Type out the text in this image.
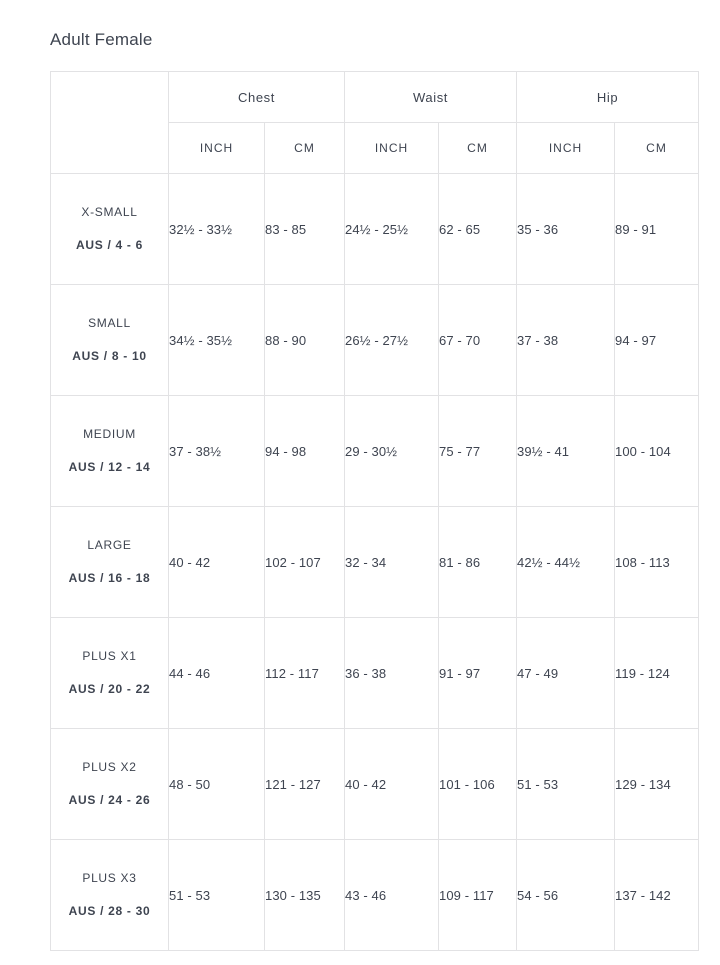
Adult Female
	Chest		Waist		Hip	
	INCH	CM	INCH	CM	INCH	CM
X-SMALL
AUS / 4 - 6	32½ - 33½	83 - 85	24½ - 25½	62 - 65	35 - 36	89 - 91
SMALL
AUS / 8 - 10	34½ - 35½	88 - 90	26½ - 27½	67 - 70	37 - 38	94 - 97
MEDIUM
AUS / 12 - 14	37 - 38½	94 - 98	29 - 30½	75 - 77	39½ - 41	100 - 104
LARGE
AUS / 16 - 18	40 - 42	102 - 107	32 - 34	81 - 86	42½ - 44½	108 - 113
PLUS X1
AUS / 20 - 22	44 - 46	112 - 117	36 - 38	91 - 97	47 - 49	119 - 124
PLUS X2
AUS / 24 - 26	48 - 50	121 - 127	40 - 42	101 - 106	51 - 53	129 - 134
PLUS X3
AUS / 28 - 30	51 - 53	130 - 135	43 - 46	109 - 117	54 - 56	137 - 142
